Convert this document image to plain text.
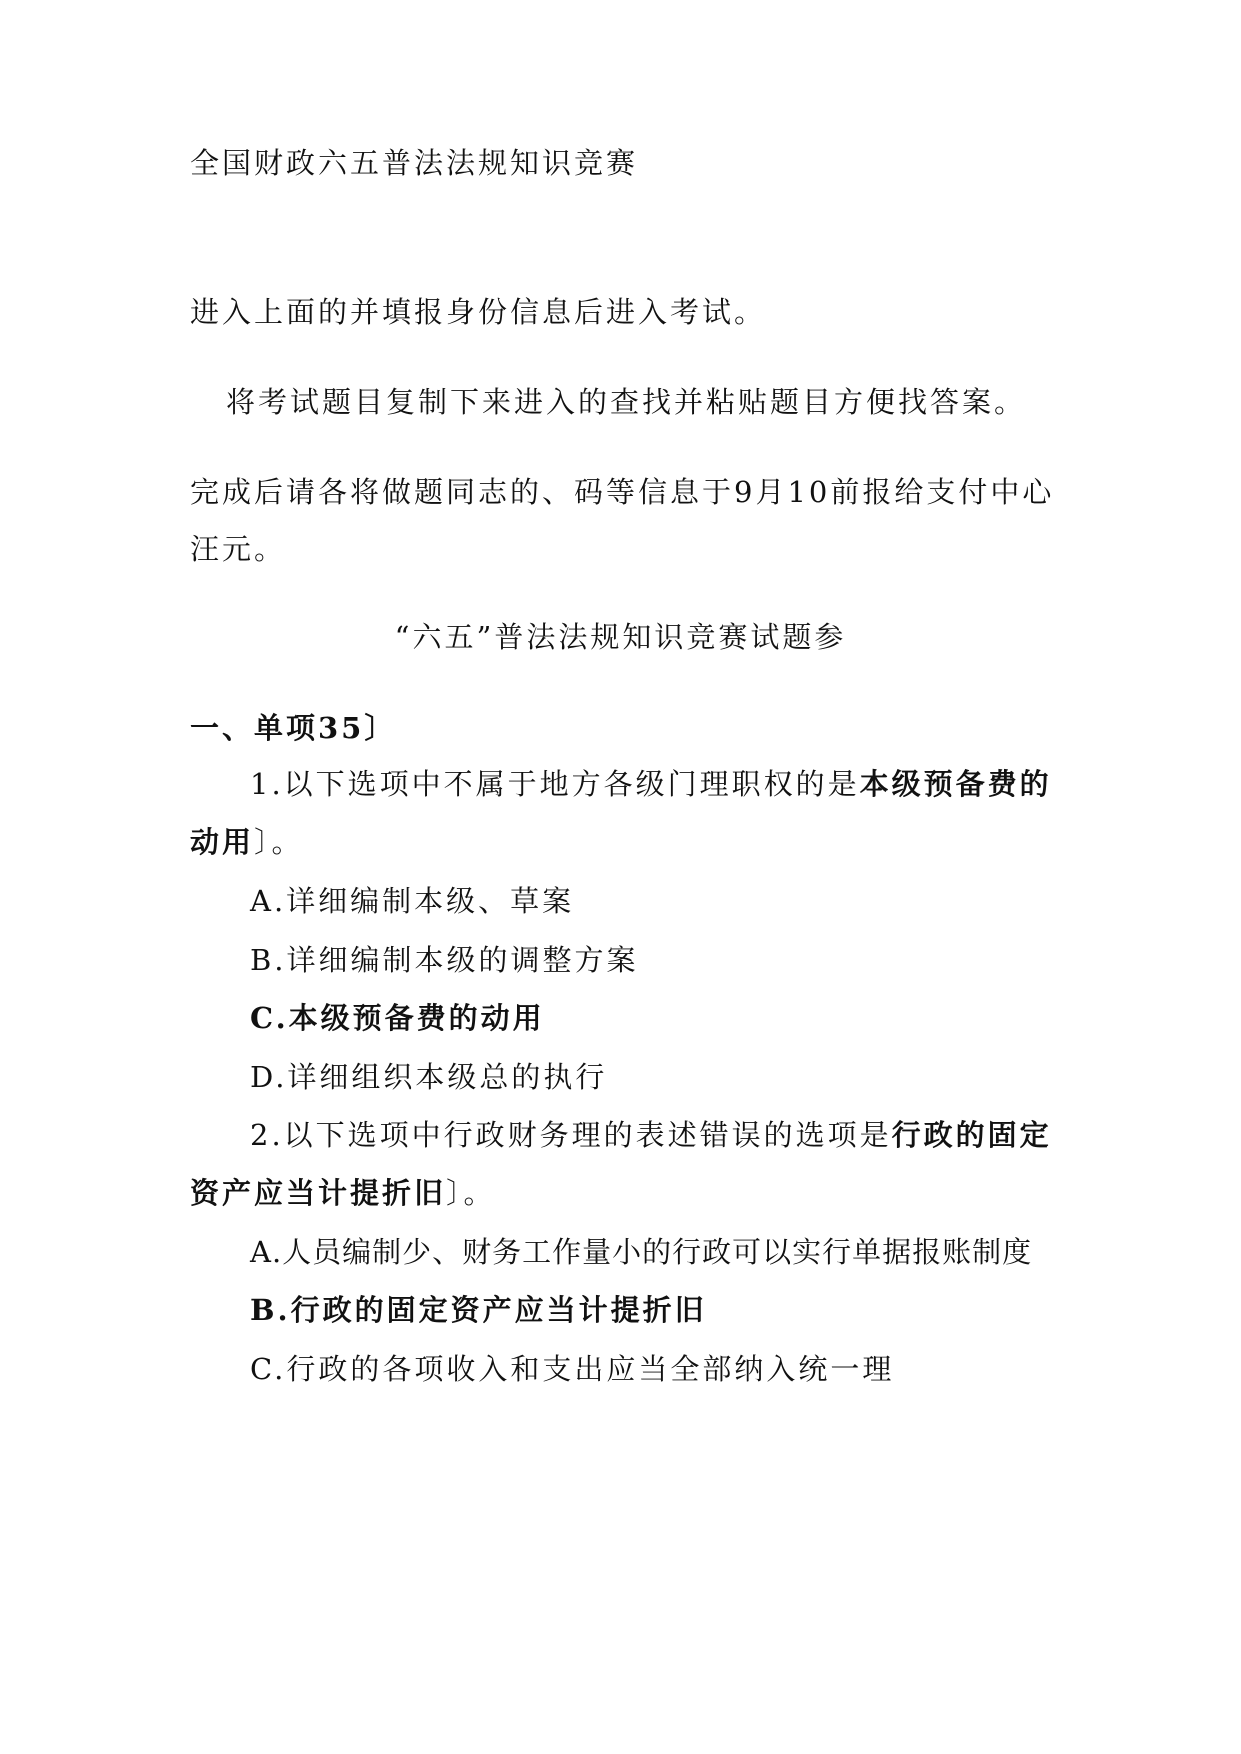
全国财政六五普法法规知识竞赛
进入上面的并填报身份信息后进入考试。
将考试题目复制下来进入的查找并粘贴题目方便找答案。
完成后请各将做题同志的、码等信息于9月10前报给支付中心
汪元。
“六五”普法法规知识竞赛试题参
一、单项35〕
1.以下选项中不属于地方各级门理职权的是本级预备费的
动用〕。
A.详细编制本级、草案
B.详细编制本级的调整方案
C.本级预备费的动用
D.详细组织本级总的执行
2.以下选项中行政财务理的表述错误的选项是行政的固定
资产应当计提折旧〕。
A.人员编制少、财务工作量小的行政可以实行单据报账制度
B.行政的固定资产应当计提折旧
C.行政的各项收入和支出应当全部纳入统一理
